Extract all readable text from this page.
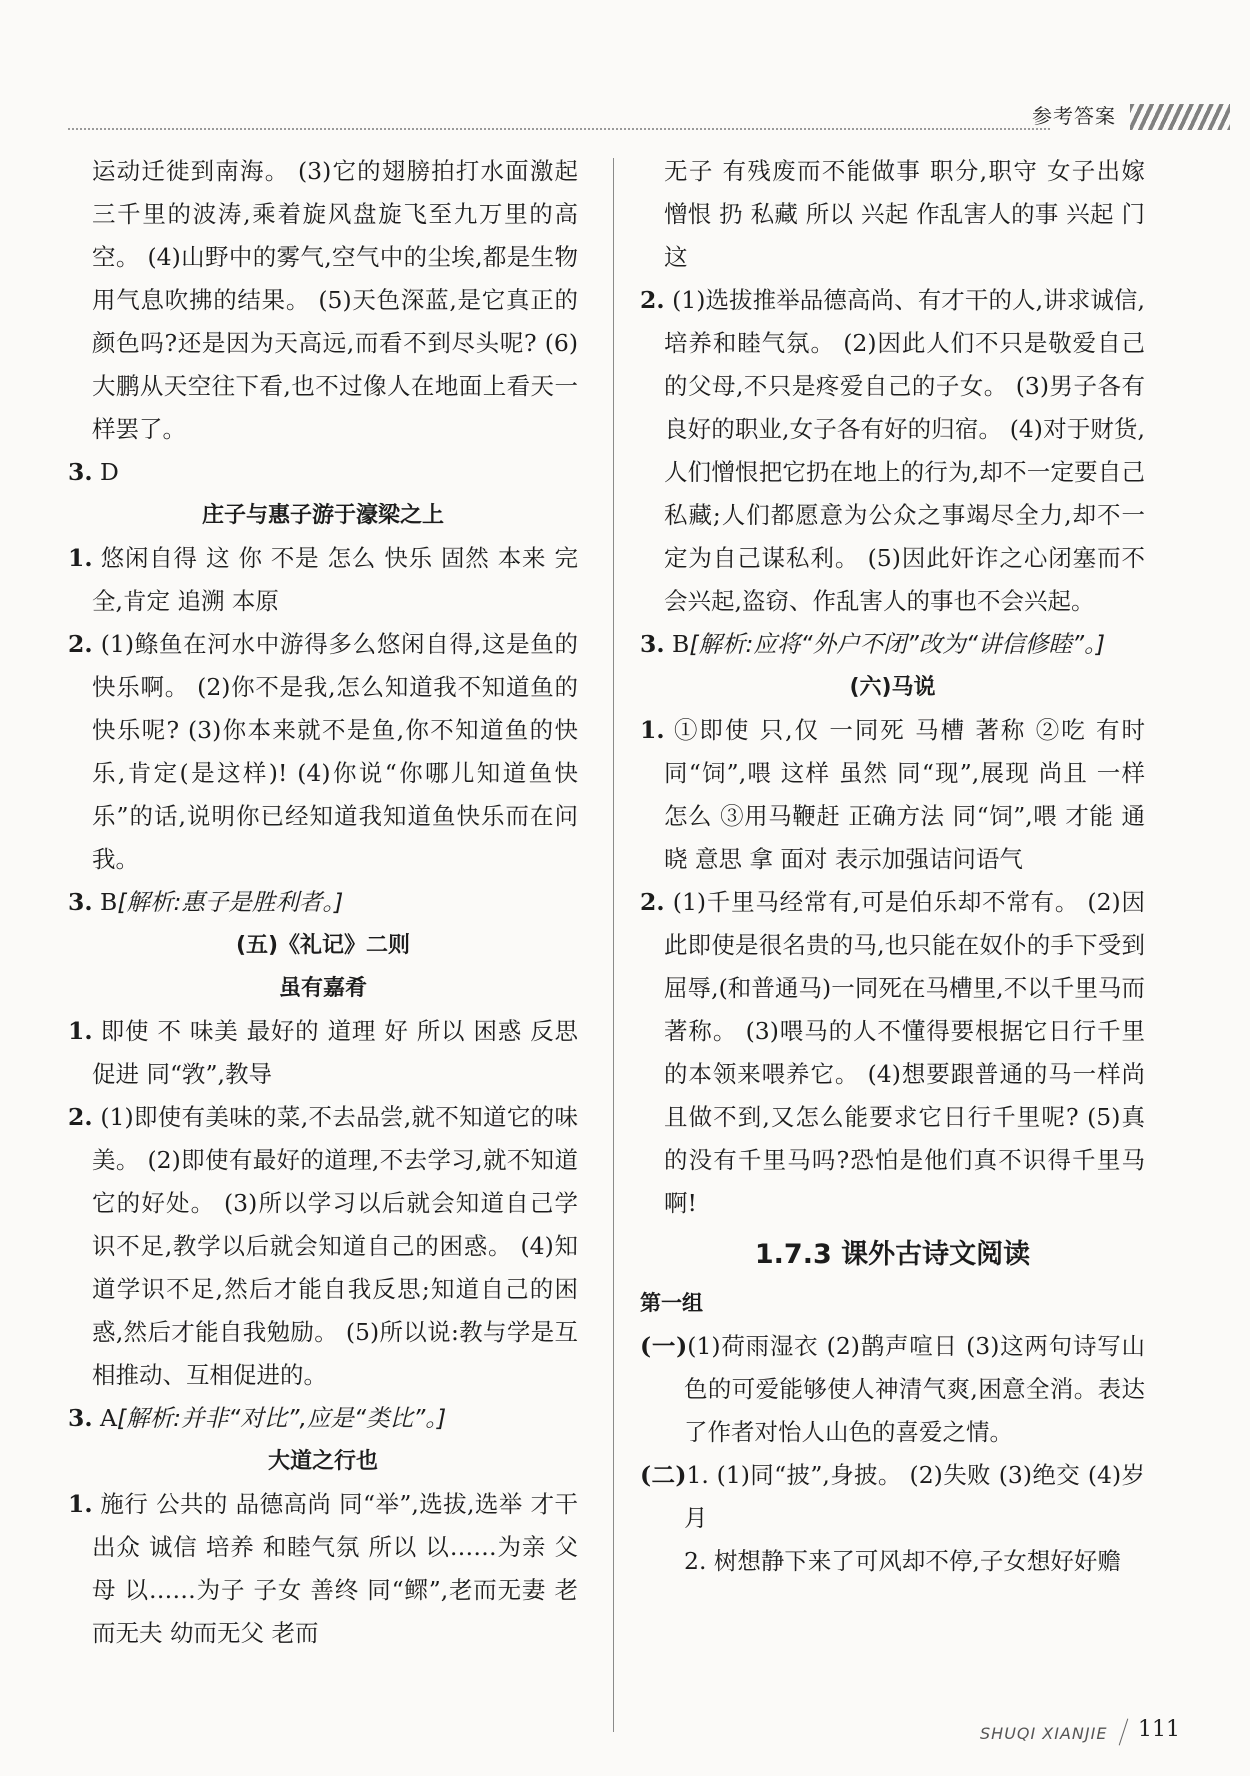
参考答案
运动迁徙到南海。 (3)它的翅膀拍打水面激起三千里的波涛,乘着旋风盘旋飞至九万里的高空。 (4)山野中的雾气,空气中的尘埃,都是生物用气息吹拂的结果。 (5)天色深蓝,是它真正的颜色吗?还是因为天高远,而看不到尽头呢? (6)大鹏从天空往下看,也不过像人在地面上看天一样罢了。
3. D
庄子与惠子游于濠梁之上
1. 悠闲自得 这 你 不是 怎么 快乐 固然 本来 完全,肯定 追溯 本原
2. (1)鲦鱼在河水中游得多么悠闲自得,这是鱼的快乐啊。 (2)你不是我,怎么知道我不知道鱼的快乐呢? (3)你本来就不是鱼,你不知道鱼的快乐,肯定(是这样)! (4)你说“你哪儿知道鱼快乐”的话,说明你已经知道我知道鱼快乐而在问我。
3. B[解析:惠子是胜利者。]
(五)《礼记》二则
虽有嘉肴
1. 即使 不 味美 最好的 道理 好 所以 困惑 反思 促进 同“敩”,教导
2. (1)即使有美味的菜,不去品尝,就不知道它的味美。 (2)即使有最好的道理,不去学习,就不知道它的好处。 (3)所以学习以后就会知道自己学识不足,教学以后就会知道自己的困惑。 (4)知道学识不足,然后才能自我反思;知道自己的困惑,然后才能自我勉励。 (5)所以说:教与学是互相推动、互相促进的。
3. A[解析:并非“对比”,应是“类比”。]
大道之行也
1. 施行 公共的 品德高尚 同“举”,选拔,选举 才干出众 诚信 培养 和睦气氛 所以 以……为亲 父母 以……为子 子女 善终 同“鳏”,老而无妻 老而无夫 幼而无父 老而
无子 有残废而不能做事 职分,职守 女子出嫁 憎恨 扔 私藏 所以 兴起 作乱害人的事 兴起 门 这
2. (1)选拔推举品德高尚、有才干的人,讲求诚信,培养和睦气氛。 (2)因此人们不只是敬爱自己的父母,不只是疼爱自己的子女。 (3)男子各有良好的职业,女子各有好的归宿。 (4)对于财货,人们憎恨把它扔在地上的行为,却不一定要自己私藏;人们都愿意为公众之事竭尽全力,却不一定为自己谋私利。 (5)因此奸诈之心闭塞而不会兴起,盗窃、作乱害人的事也不会兴起。
3. B[解析:应将“外户不闭”改为“讲信修睦”。]
(六)马说
1. ①即使 只,仅 一同死 马槽 著称 ②吃 有时 同“饲”,喂 这样 虽然 同“现”,展现 尚且 一样 怎么 ③用马鞭赶 正确方法 同“饲”,喂 才能 通晓 意思 拿 面对 表示加强诘问语气
2. (1)千里马经常有,可是伯乐却不常有。 (2)因此即使是很名贵的马,也只能在奴仆的手下受到屈辱,(和普通马)一同死在马槽里,不以千里马而著称。 (3)喂马的人不懂得要根据它日行千里的本领来喂养它。 (4)想要跟普通的马一样尚且做不到,又怎么能要求它日行千里呢? (5)真的没有千里马吗?恐怕是他们真不识得千里马啊!
1.7.3 课外古诗文阅读
第一组
(一)(1)荷雨湿衣 (2)鹊声喧日 (3)这两句诗写山色的可爱能够使人神清气爽,困意全消。表达了作者对怡人山色的喜爱之情。
(二)1. (1)同“披”,身披。 (2)失败 (3)绝交 (4)岁月
2. 树想静下来了可风却不停,子女想好好赡
SHUQI XIANJIE 111
